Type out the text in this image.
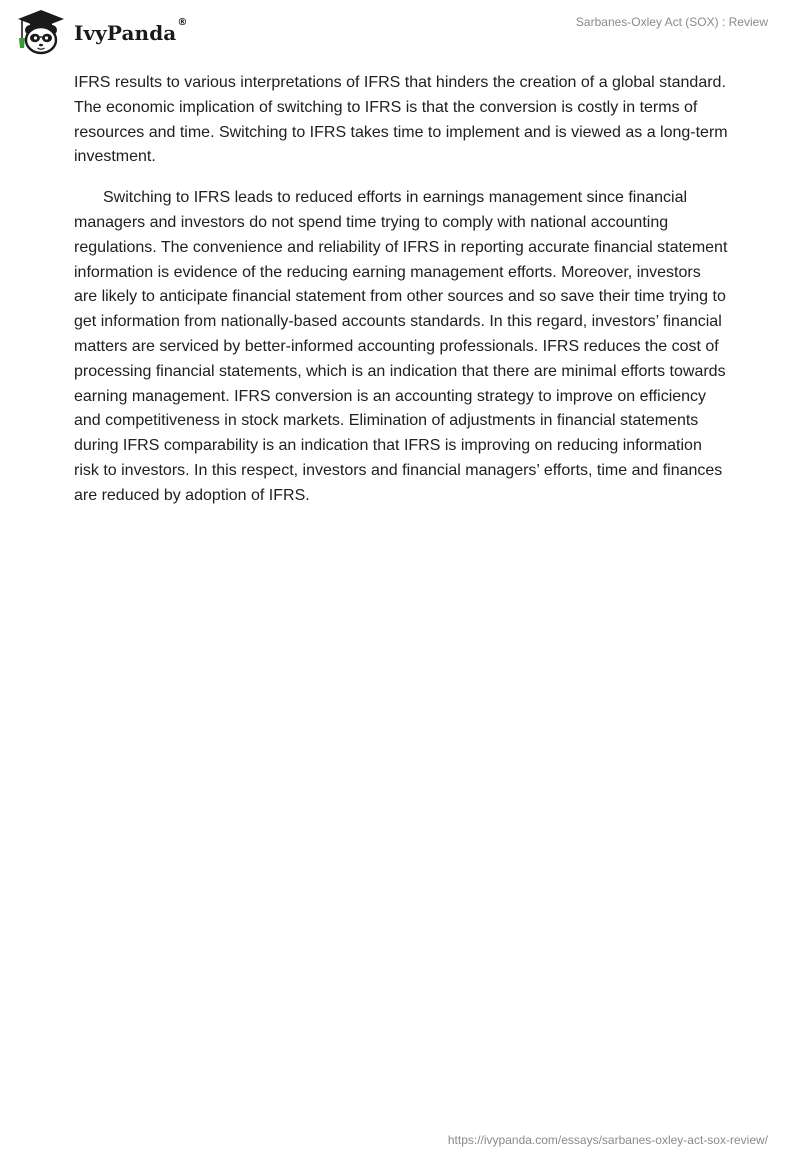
IvyPanda®	Sarbanes-Oxley Act (SOX) : Review

IFRS results to various interpretations of IFRS that hinders the creation of a global standard. The economic implication of switching to IFRS is that the conversion is costly in terms of resources and time. Switching to IFRS takes time to implement and is viewed as a long-term investment.

Switching to IFRS leads to reduced efforts in earnings management since financial managers and investors do not spend time trying to comply with national accounting regulations. The convenience and reliability of IFRS in reporting accurate financial statement information is evidence of the reducing earning management efforts. Moreover, investors are likely to anticipate financial statement from other sources and so save their time trying to get information from nationally-based accounts standards. In this regard, investors’ financial matters are serviced by better-informed accounting professionals. IFRS reduces the cost of processing financial statements, which is an indication that there are minimal efforts towards earning management. IFRS conversion is an accounting strategy to improve on efficiency and competitiveness in stock markets. Elimination of adjustments in financial statements during IFRS comparability is an indication that IFRS is improving on reducing information risk to investors. In this respect, investors and financial managers’ efforts, time and finances are reduced by adoption of IFRS.

https://ivypanda.com/essays/sarbanes-oxley-act-sox-review/
